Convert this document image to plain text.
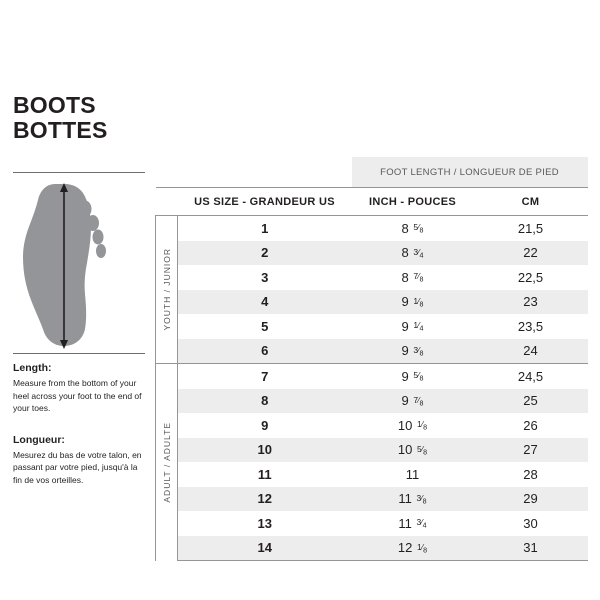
BOOTS
BOTTES
Length:
Measure from the bottom of your heel across your foot to the end of your toes.
Longueur:
Mesurez du bas de votre talon, en passant par votre pied, jusqu'à la fin de vos orteilles.
		FOOT LENGTH / LONGUEUR DE PIED	
	US SIZE - GRANDEUR US	INCH - POUCES	CM

YOUTH / JUNIOR	1	8 $5⁄_8$	21,5
	2	8 $3⁄_4$	22
	3	8 $7⁄_8$	22,5
	4	9 $1⁄_8$	23
	5	9 $1⁄_4$	23,5
	6	9 $3⁄_8$	24

ADULT / ADULTE	7	9 $5⁄_8$	24,5
	8	9 $7⁄_8$	25
	9	10 $1⁄_8$	26
	10	10 $5⁄_8$	27
	11	11	28
	12	11 $3⁄_8$	29
	13	11 $3⁄_4$	30
	14	12 $1⁄_8$	31
